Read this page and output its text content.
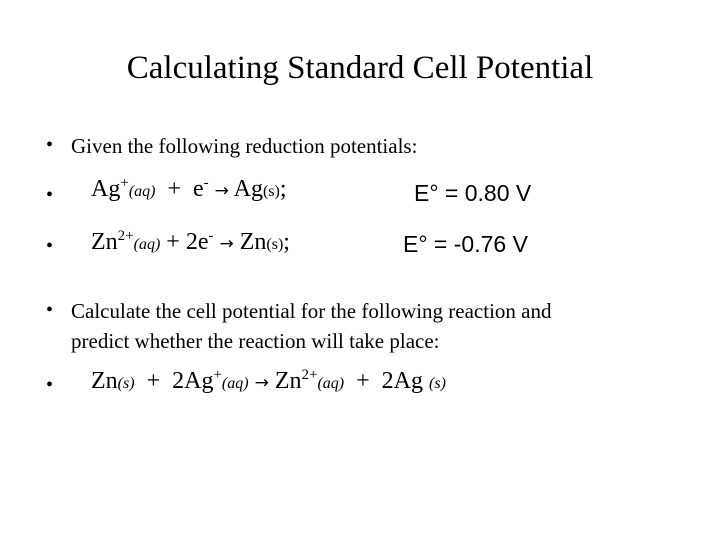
Calculating Standard Cell Potential
• Given the following reduction potentials:
• Ag+(aq) + e- → Ag(s);	E° = 0.80 V
• $Zn^{2+}(aq) + 2e^- \to Zn(s)$;	E° = -0.76 V
• Calculate the cell potential for the following reaction and
predict whether the reaction will take place:
• $Zn(s) + 2Ag^+(aq) \to Zn^{2+}(aq) + 2Ag$ (s)
